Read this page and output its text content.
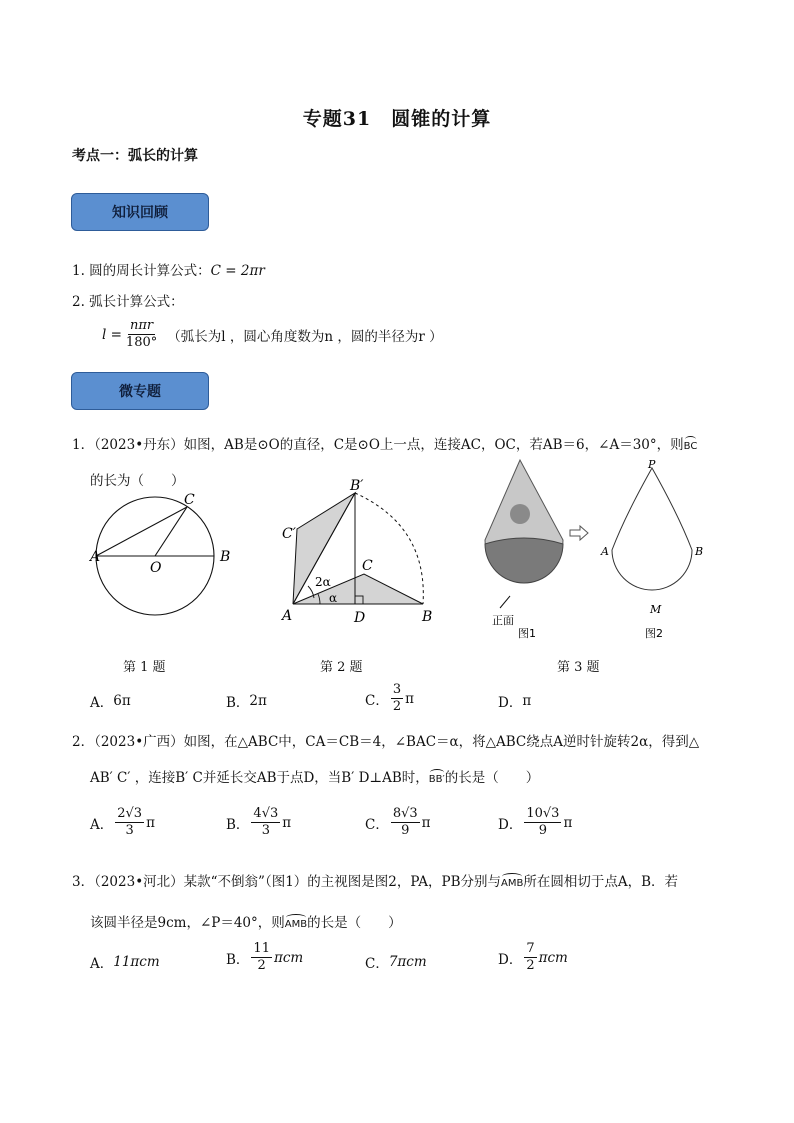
专题31　圆锥的计算
考点一：弧长的计算
知识回顾
1. 圆的周长计算公式：C = 2πr
2. 弧长计算公式：
$l = \frac{\text{nπr}}{180^\circ}$ （弧长为l ，圆心角度数为n ，圆的半径为r ）
微专题
1．（2023•丹东）如图，AB是⊙O的直径，C是⊙O上一点，连接AC，OC，若AB＝6，∠A＝30°，则BC
的长为（　　）
A	B
C
O
A	B
C
D
B′
C′
2α
α
正面
图1	图2
P
A	B
M
第 1 题	第 2 题	第 3 题
A． 6π	B． 2π	C． $\frac{3}{2}$ π	D． π
2．（2023•广西）如图，在△ABC中，CA＝CB＝4，∠BAC＝α，将△ABC绕点A逆时针旋转2α，得到△
AB′ C′ ，连接B′ C并延长交AB于点D，当B′ D⊥AB时，BB′的长是（　　）
A． $\frac{2√3}{3}$ π	B． $\frac{4√3}{3}$ π	C． $\frac{8√3}{9}$ π	D． $\frac{10√3}{9}$ π
3．（2023•河北）某款“不倒翁”（图1）的主视图是图2，PA，PB分别与AMB所在圆相切于点A，B．若
该圆半径是9cm，∠P＝40°，则AMB的长是（　　）
A． 11πcm	B． $\frac{11}{2}$ πcm	C． 7πcm	D． $\frac{7}{2}$ πcm
